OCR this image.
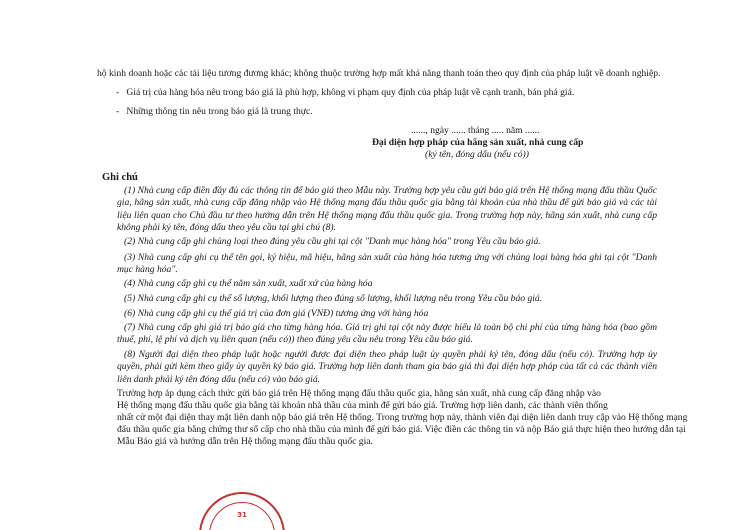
hộ kinh doanh hoặc các tài liệu tương đương khác; không thuộc trường hợp mất khả năng thanh toán theo quy định của pháp luật về doanh nghiệp.
-   Giá trị của hàng hóa nêu trong báo giá là phù hợp, không vi phạm quy định của pháp luật về cạnh tranh, bán phá giá.
-   Những thông tin nêu trong báo giá là trung thực.
......, ngày ...... tháng ..... năm ......
Đại diện hợp pháp của hãng sản xuất, nhà cung cấp
(ký tên, đóng dấu (nếu có))
Ghi chú
(1) Nhà cung cấp điền đầy đủ các thông tin để báo giá theo Mẫu này. Trường hợp yêu cầu gửi báo giá trên Hệ thống mạng đấu thầu Quốc gia, hãng sản xuất, nhà cung cấp đăng nhập vào Hệ thống mạng đấu thầu quốc gia bằng tài khoản của nhà thầu để gửi báo giá và các tài liệu liên quan cho Chủ đầu tư theo hướng dẫn trên Hệ thống mạng đấu thầu quốc gia. Trong trường hợp này, hãng sản xuất, nhà cung cấp không phải ký tên, đóng dấu theo yêu cầu tại ghi chú (8).
(2) Nhà cung cấp ghi chủng loại theo đúng yêu cầu ghi tại cột "Danh mục hàng hóa" trong Yêu cầu báo giá.
(3) Nhà cung cấp ghi cụ thể tên gọi, ký hiệu, mã hiệu, hãng sản xuất của hàng hóa tương ứng với chủng loại hàng hóa ghi tại cột "Danh mục hàng hóa".
(4) Nhà cung cấp ghi cụ thể năm sản xuất, xuất xứ của hàng hóa
(5) Nhà cung cấp ghi cụ thể số lượng, khối lượng theo đúng số lượng, khối lượng nêu trong Yêu cầu báo giá.
(6) Nhà cung cấp ghi cụ thể giá trị của đơn giá (VNĐ) tương ứng với hàng hóa
(7) Nhà cung cấp ghi giá trị báo giá cho từng hàng hóa. Giá trị ghi tại cột này được hiểu là toàn bộ chi phí của từng hàng hóa (bao gồm thuế, phí, lệ phí và dịch vụ liên quan (nếu có)) theo đúng yêu cầu nêu trong Yêu cầu báo giá.
(8) Người đại diện theo pháp luật hoặc người được đại diện theo pháp luật ủy quyền phải ký tên, đóng dấu (nếu có). Trường hợp ủy quyền, phải gửi kèm theo giấy ủy quyền ký báo giá. Trường hợp liên danh tham gia báo giá thì đại diện hợp pháp của tất cả các thành viên liên danh phải ký tên đóng dấu (nếu có) vào báo giá.
Trường hợp áp dụng cách thức gửi báo giá trên Hệ thống mạng đấu thầu quốc gia, hãng sản xuất, nhà cung cấp đăng nhập vào
Hệ thống mạng đấu thầu quốc gia bằng tài khoản nhà thầu của mình để gửi báo giá. Trường hợp liên danh, các thành viên thống
nhất cử một đại diện thay mặt liên danh nộp báo giá trên Hệ thống. Trong trường hợp này, thành viên đại diện liên danh truy cập vào Hệ thống mạng
đấu thầu quốc gia bằng chứng thư số cấp cho nhà thầu của mình để gửi báo giá. Việc điền các thông tin và nộp Báo giá thực hiện theo hướng dẫn tại
Mẫu Báo giá và hướng dẫn trên Hệ thống mạng đấu thầu quốc gia.
31
